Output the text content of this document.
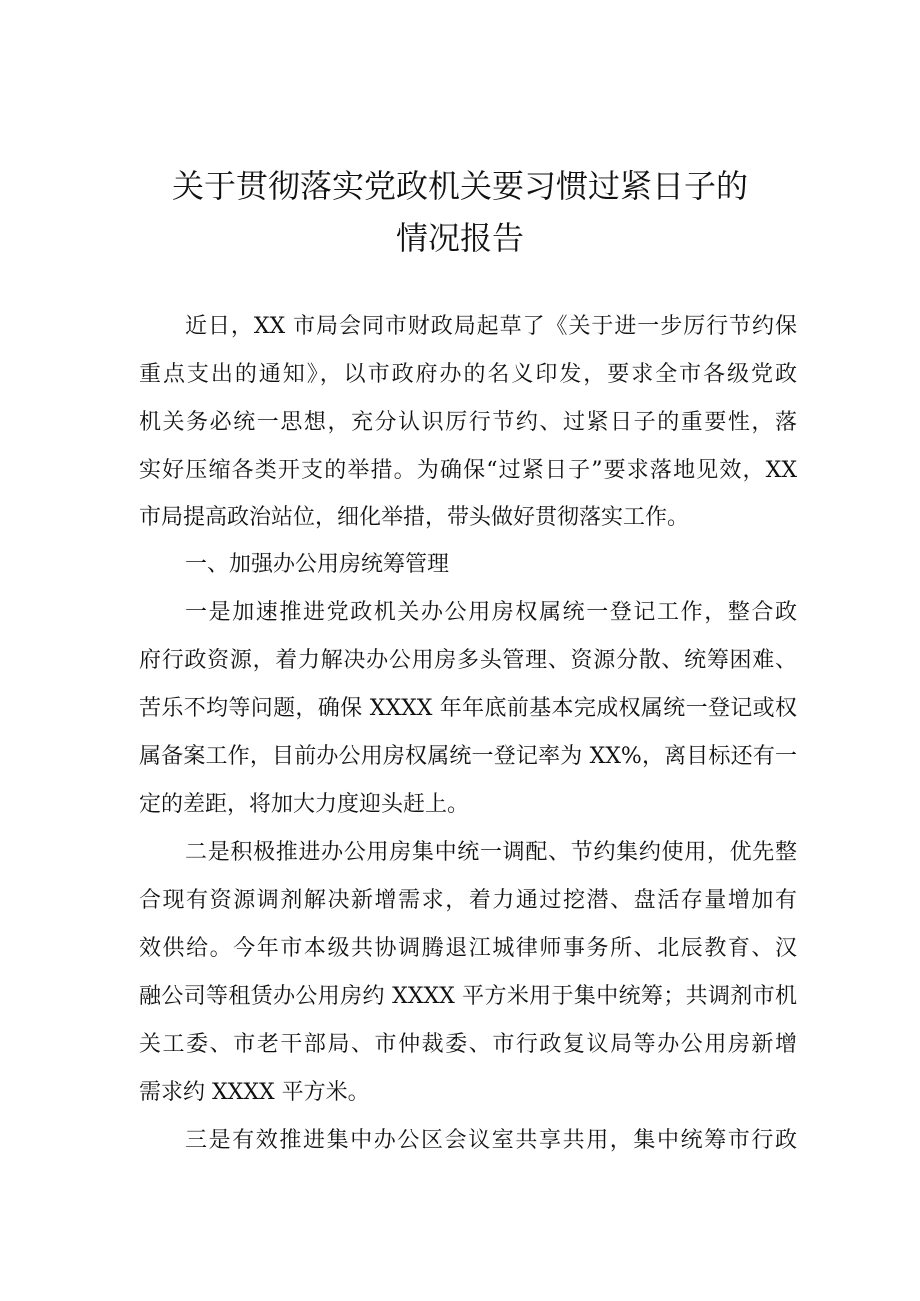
关于贯彻落实党政机关要习惯过紧日子的
情况报告
近日，XX 市局会同市财政局起草了《关于进一步厉行节约保
重点支出的通知》，以市政府办的名义印发，要求全市各级党政
机关务必统一思想，充分认识厉行节约、过紧日子的重要性，落
实好压缩各类开支的举措。为确保“过紧日子”要求落地见效，XX
市局提高政治站位，细化举措，带头做好贯彻落实工作。
一、加强办公用房统筹管理
一是加速推进党政机关办公用房权属统一登记工作，整合政
府行政资源，着力解决办公用房多头管理、资源分散、统筹困难、
苦乐不均等问题，确保 XXXX 年年底前基本完成权属统一登记或权
属备案工作，目前办公用房权属统一登记率为 XX%，离目标还有一
定的差距，将加大力度迎头赶上。
二是积极推进办公用房集中统一调配、节约集约使用，优先整
合现有资源调剂解决新增需求，着力通过挖潜、盘活存量增加有
效供给。今年市本级共协调腾退江城律师事务所、北辰教育、汉
融公司等租赁办公用房约 XXXX 平方米用于集中统筹；共调剂市机
关工委、市老干部局、市仲裁委、市行政复议局等办公用房新增
需求约 XXXX 平方米。
三是有效推进集中办公区会议室共享共用，集中统筹市行政
